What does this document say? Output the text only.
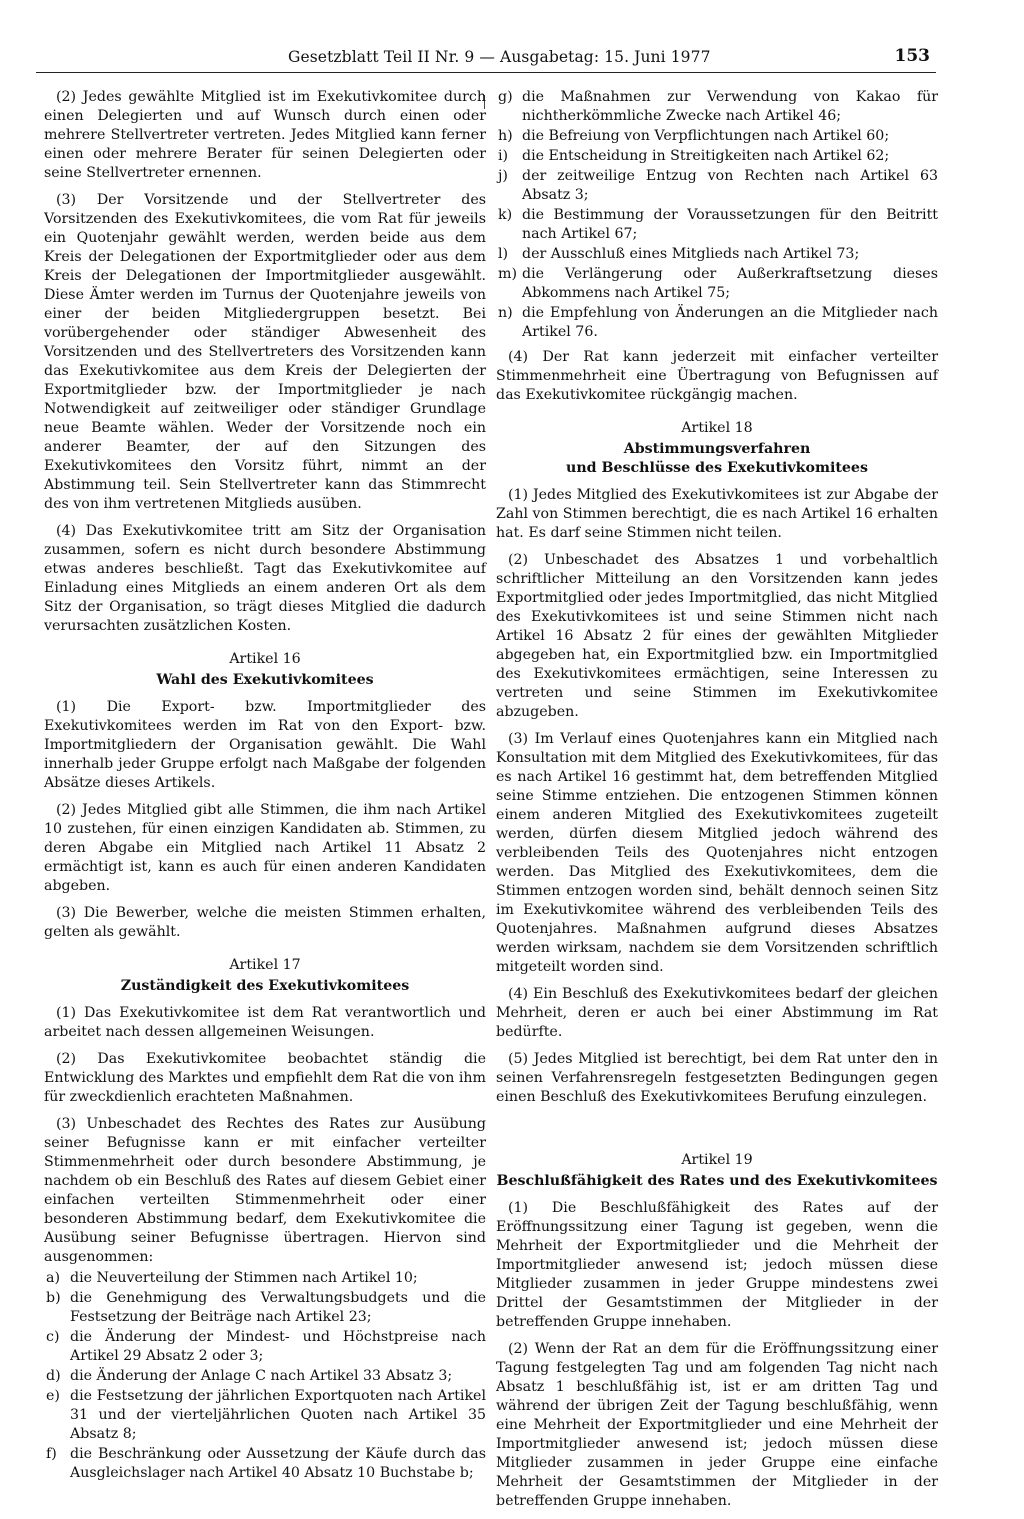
Gesetzblatt Teil II Nr. 9 — Ausgabetag: 15. Juni 1977	153

(2) Jedes gewählte Mitglied ist im Exekutivkomitee durch einen Delegierten und auf Wunsch durch einen oder mehrere Stellvertreter vertreten. Jedes Mitglied kann ferner einen oder mehrere Berater für seinen Delegierten oder seine Stellvertreter ernennen.

(3) Der Vorsitzende und der Stellvertreter des Vorsitzenden des Exekutivkomitees, die vom Rat für jeweils ein Quotenjahr gewählt werden, werden beide aus dem Kreis der Delegationen der Exportmitglieder oder aus dem Kreis der Delegationen der Importmitglieder ausgewählt. Diese Ämter werden im Turnus der Quotenjahre jeweils von einer der beiden Mitgliedergruppen besetzt. Bei vorübergehender oder ständiger Abwesenheit des Vorsitzenden und des Stellvertreters des Vorsitzenden kann das Exekutivkomitee aus dem Kreis der Delegierten der Exportmitglieder bzw. der Importmitglieder je nach Notwendigkeit auf zeitweiliger oder ständiger Grundlage neue Beamte wählen. Weder der Vorsitzende noch ein anderer Beamter, der auf den Sitzungen des Exekutivkomitees den Vorsitz führt, nimmt an der Abstimmung teil. Sein Stellvertreter kann das Stimmrecht des von ihm vertretenen Mitglieds ausüben.

(4) Das Exekutivkomitee tritt am Sitz der Organisation zusammen, sofern es nicht durch besondere Abstimmung etwas anderes beschließt. Tagt das Exekutivkomitee auf Einladung eines Mitglieds an einem anderen Ort als dem Sitz der Organisation, so trägt dieses Mitglied die dadurch verursachten zusätzlichen Kosten.

Artikel 16
Wahl des Exekutivkomitees

(1) Die Export- bzw. Importmitglieder des Exekutivkomitees werden im Rat von den Export- bzw. Importmitgliedern der Organisation gewählt. Die Wahl innerhalb jeder Gruppe erfolgt nach Maßgabe der folgenden Absätze dieses Artikels.

(2) Jedes Mitglied gibt alle Stimmen, die ihm nach Artikel 10 zustehen, für einen einzigen Kandidaten ab. Stimmen, zu deren Abgabe ein Mitglied nach Artikel 11 Absatz 2 ermächtigt ist, kann es auch für einen anderen Kandidaten abgeben.

(3) Die Bewerber, welche die meisten Stimmen erhalten, gelten als gewählt.

Artikel 17
Zuständigkeit des Exekutivkomitees

(1) Das Exekutivkomitee ist dem Rat verantwortlich und arbeitet nach dessen allgemeinen Weisungen.

(2) Das Exekutivkomitee beobachtet ständig die Entwicklung des Marktes und empfiehlt dem Rat die von ihm für zweckdienlich erachteten Maßnahmen.

(3) Unbeschadet des Rechtes des Rates zur Ausübung seiner Befugnisse kann er mit einfacher verteilter Stimmenmehrheit oder durch besondere Abstimmung, je nachdem ob ein Beschluß des Rates auf diesem Gebiet einer einfachen verteilten Stimmenmehrheit oder einer besonderen Abstimmung bedarf, dem Exekutivkomitee die Ausübung seiner Befugnisse übertragen. Hiervon sind ausgenommen:

a) die Neuverteilung der Stimmen nach Artikel 10;
b) die Genehmigung des Verwaltungsbudgets und die Festsetzung der Beiträge nach Artikel 23;
c) die Änderung der Mindest- und Höchstpreise nach Artikel 29 Absatz 2 oder 3;
d) die Änderung der Anlage C nach Artikel 33 Absatz 3;
e) die Festsetzung der jährlichen Exportquoten nach Artikel 31 und der vierteljährlichen Quoten nach Artikel 35 Absatz 8;
f) die Beschränkung oder Aussetzung der Käufe durch das Ausgleichslager nach Artikel 40 Absatz 10 Buchstabe b;
g) die Maßnahmen zur Verwendung von Kakao für nichtherkömmliche Zwecke nach Artikel 46;
h) die Befreiung von Verpflichtungen nach Artikel 60;
i) die Entscheidung in Streitigkeiten nach Artikel 62;
j) der zeitweilige Entzug von Rechten nach Artikel 63 Absatz 3;
k) die Bestimmung der Voraussetzungen für den Beitritt nach Artikel 67;
l) der Ausschluß eines Mitglieds nach Artikel 73;
m) die Verlängerung oder Außerkraftsetzung dieses Abkommens nach Artikel 75;
n) die Empfehlung von Änderungen an die Mitglieder nach Artikel 76.

(4) Der Rat kann jederzeit mit einfacher verteilter Stimmenmehrheit eine Übertragung von Befugnissen auf das Exekutivkomitee rückgängig machen.

Artikel 18
Abstimmungsverfahren
und Beschlüsse des Exekutivkomitees

(1) Jedes Mitglied des Exekutivkomitees ist zur Abgabe der Zahl von Stimmen berechtigt, die es nach Artikel 16 erhalten hat. Es darf seine Stimmen nicht teilen.

(2) Unbeschadet des Absatzes 1 und vorbehaltlich schriftlicher Mitteilung an den Vorsitzenden kann jedes Exportmitglied oder jedes Importmitglied, das nicht Mitglied des Exekutivkomitees ist und seine Stimmen nicht nach Artikel 16 Absatz 2 für eines der gewählten Mitglieder abgegeben hat, ein Exportmitglied bzw. ein Importmitglied des Exekutivkomitees ermächtigen, seine Interessen zu vertreten und seine Stimmen im Exekutivkomitee abzugeben.

(3) Im Verlauf eines Quotenjahres kann ein Mitglied nach Konsultation mit dem Mitglied des Exekutivkomitees, für das es nach Artikel 16 gestimmt hat, dem betreffenden Mitglied seine Stimme entziehen. Die entzogenen Stimmen können einem anderen Mitglied des Exekutivkomitees zugeteilt werden, dürfen diesem Mitglied jedoch während des verbleibenden Teils des Quotenjahres nicht entzogen werden. Das Mitglied des Exekutivkomitees, dem die Stimmen entzogen worden sind, behält dennoch seinen Sitz im Exekutivkomitee während des verbleibenden Teils des Quotenjahres. Maßnahmen aufgrund dieses Absatzes werden wirksam, nachdem sie dem Vorsitzenden schriftlich mitgeteilt worden sind.

(4) Ein Beschluß des Exekutivkomitees bedarf der gleichen Mehrheit, deren er auch bei einer Abstimmung im Rat bedürfte.

(5) Jedes Mitglied ist berechtigt, bei dem Rat unter den in seinen Verfahrensregeln festgesetzten Bedingungen gegen einen Beschluß des Exekutivkomitees Berufung einzulegen.

Artikel 19
Beschlußfähigkeit des Rates und des Exekutivkomitees

(1) Die Beschlußfähigkeit des Rates auf der Eröffnungssitzung einer Tagung ist gegeben, wenn die Mehrheit der Exportmitglieder und die Mehrheit der Importmitglieder anwesend ist; jedoch müssen diese Mitglieder zusammen in jeder Gruppe mindestens zwei Drittel der Gesamtstimmen der Mitglieder in der betreffenden Gruppe innehaben.

(2) Wenn der Rat an dem für die Eröffnungssitzung einer Tagung festgelegten Tag und am folgenden Tag nicht nach Absatz 1 beschlußfähig ist, ist er am dritten Tag und während der übrigen Zeit der Tagung beschlußfähig, wenn eine Mehrheit der Exportmitglieder und eine Mehrheit der Importmitglieder anwesend ist; jedoch müssen diese Mitglieder zusammen in jeder Gruppe eine einfache Mehrheit der Gesamtstimmen der Mitglieder in der betreffenden Gruppe innehaben.
